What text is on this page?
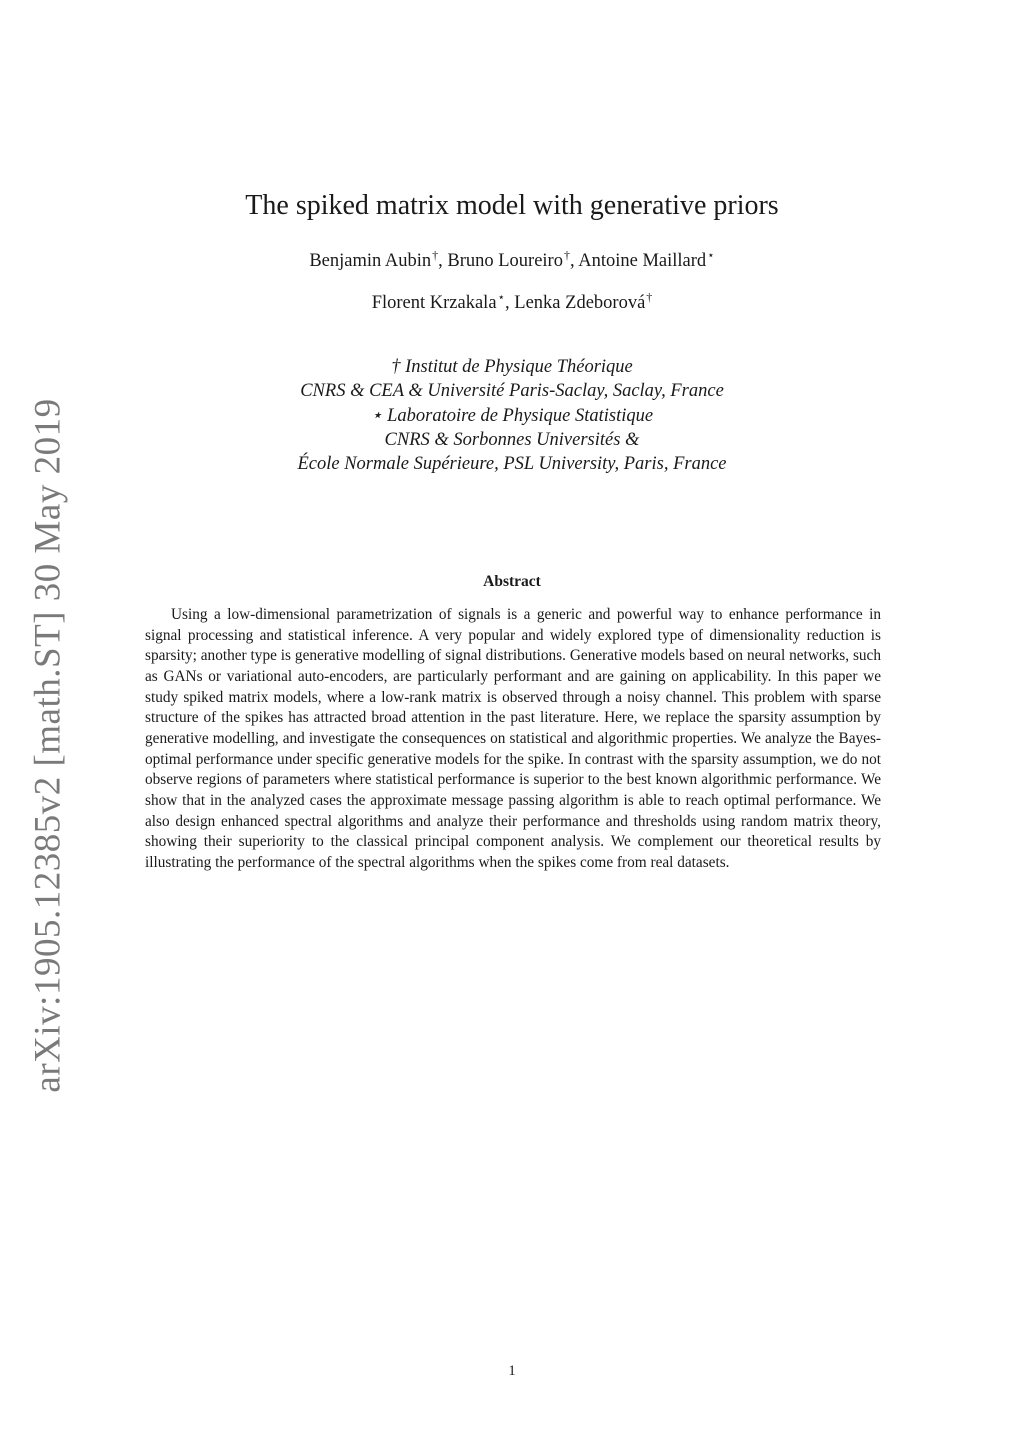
arXiv:1905.12385v2 [math.ST] 30 May 2019
The spiked matrix model with generative priors

Benjamin Aubin†, Bruno Loureiro†, Antoine Maillard⋆

Florent Krzakala⋆, Lenka Zdeborová†

† Institut de Physique Théorique
CNRS & CEA & Université Paris-Saclay, Saclay, France
⋆ Laboratoire de Physique Statistique
CNRS & Sorbonnes Universités &
École Normale Supérieure, PSL University, Paris, France
Abstract

Using a low-dimensional parametrization of signals is a generic and powerful way to enhance performance in signal processing and statistical inference. A very popular and widely explored type of dimensionality reduction is sparsity; another type is generative modelling of signal distributions. Generative models based on neural networks, such as GANs or variational auto-encoders, are particularly performant and are gaining on applicability. In this paper we study spiked matrix models, where a low-rank matrix is observed through a noisy channel. This problem with sparse structure of the spikes has attracted broad attention in the past literature. Here, we replace the sparsity assumption by generative modelling, and investigate the consequences on statistical and algorithmic properties. We analyze the Bayes-optimal performance under specific generative models for the spike. In contrast with the sparsity assumption, we do not observe regions of parameters where statistical performance is superior to the best known algorithmic performance. We show that in the analyzed cases the approximate message passing algorithm is able to reach optimal performance. We also design enhanced spectral algorithms and analyze their performance and thresholds using random matrix theory, showing their superiority to the classical principal component analysis. We complement our theoretical results by illustrating the performance of the spectral algorithms when the spikes come from real datasets.

1
